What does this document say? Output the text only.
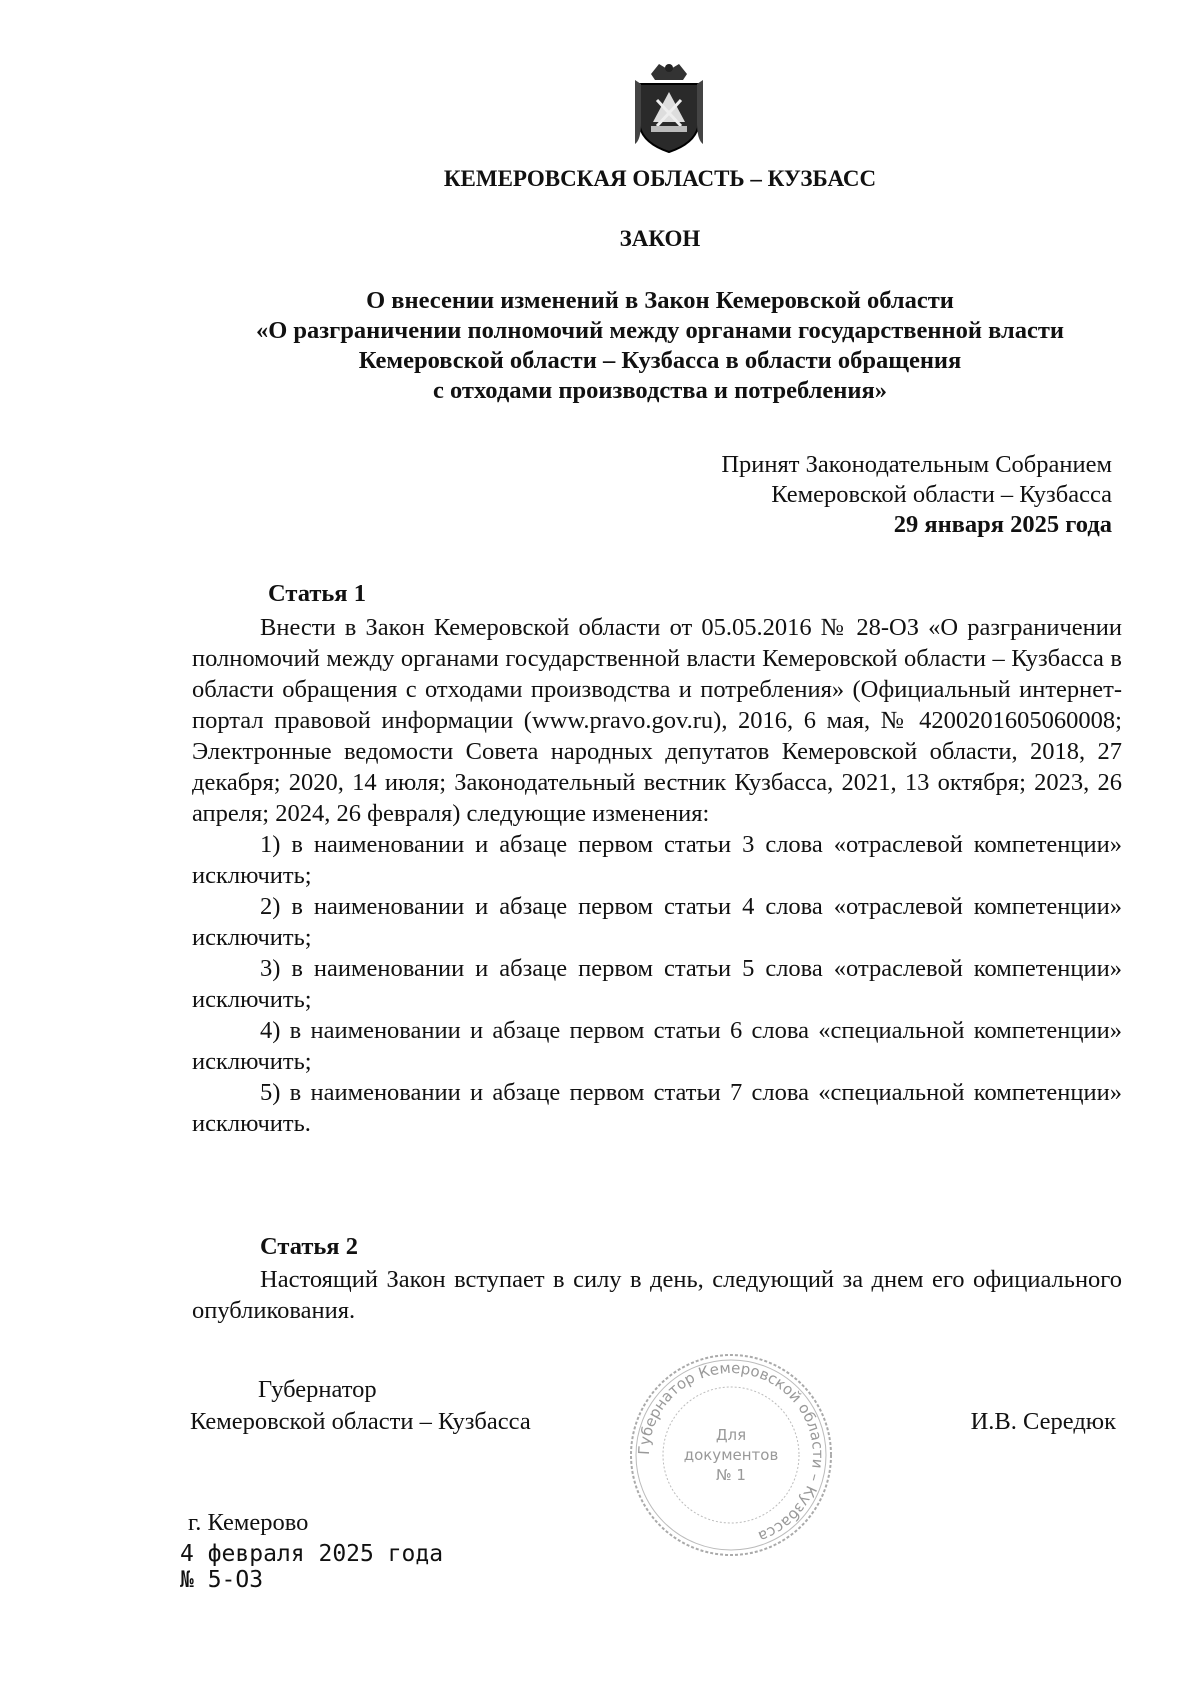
КЕМЕРОВСКАЯ ОБЛАСТЬ – КУЗБАСС
ЗАКОН
О внесении изменений в Закон Кемеровской области
«О разграничении полномочий между органами государственной власти
Кемеровской области – Кузбасса в области обращения
с отходами производства и потребления»
Принят Законодательным Собранием
Кемеровской области – Кузбасса
29 января 2025 года
Статья 1

Внести в Закон Кемеровской области от 05.05.2016 № 28-ОЗ «О разграничении полномочий между органами государственной власти Кемеровской области – Кузбасса в области обращения с отходами производства и потребления» (Официальный интернет-портал правовой информации (www.pravo.gov.ru), 2016, 6 мая, № 4200201605060008; Электронные ведомости Совета народных депутатов Кемеровской области, 2018, 27 декабря; 2020, 14 июля; Законодательный вестник Кузбасса, 2021, 13 октября; 2023, 26 апреля; 2024, 26 февраля) следующие изменения:

1) в наименовании и абзаце первом статьи 3 слова «отраслевой компетенции» исключить;
2) в наименовании и абзаце первом статьи 4 слова «отраслевой компетенции» исключить;
3) в наименовании и абзаце первом статьи 5 слова «отраслевой компетенции» исключить;
4) в наименовании и абзаце первом статьи 6 слова «специальной компетенции» исключить;
5) в наименовании и абзаце первом статьи 7 слова «специальной компетенции» исключить.
Статья 2

Настоящий Закон вступает в силу в день, следующий за днем его официального опубликования.

Губернатор
Кемеровской области – Кузбасса	И.В. Середюк
Губернатор Кемеровской области – Кузбасса
Для
документов
№ 1
г. Кемерово
4 февраля 2025 года
№ 5-ОЗ
